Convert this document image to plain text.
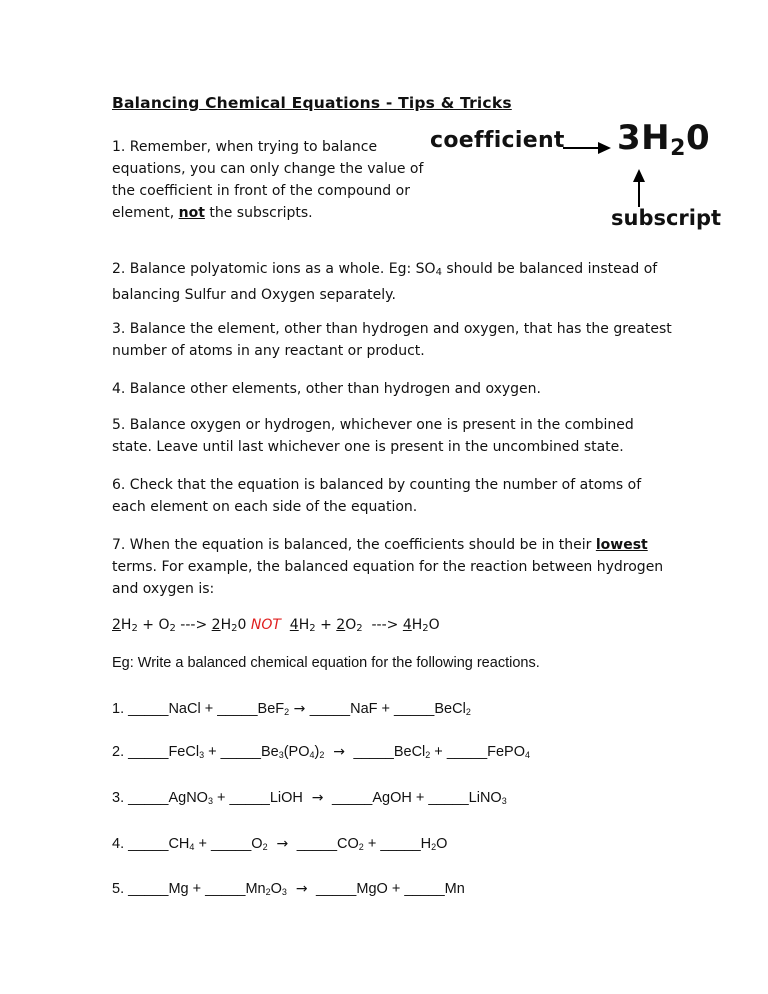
Balancing Chemical Equations - Tips & Tricks

1. Remember, when trying to balance equations, you can only change the value of the coefficient in front of the compound or element, not the subscripts.

coefficient 3H20
subscript

2. Balance polyatomic ions as a whole. Eg: $SO_4$ should be balanced instead of balancing Sulfur and Oxygen separately.

3. Balance the element, other than hydrogen and oxygen, that has the greatest number of atoms in any reactant or product.

4. Balance other elements, other than hydrogen and oxygen.

5. Balance oxygen or hydrogen, whichever one is present in the combined state. Leave until last whichever one is present in the uncombined state.

6. Check that the equation is balanced by counting the number of atoms of each element on each side of the equation.

7. When the equation is balanced, the coefficients should be in their lowest terms. For example, the balanced equation for the reaction between hydrogen and oxygen is:

$2H_2 + O_2$ ---> $2H_20$ NOT $4H_2 + 2O_2$  ---> $4H_2O$

Eg: Write a balanced chemical equation for the following reactions.
1. _____NaCl + _____BeF$_2$ → _____NaF + _____BeCl$_2$
2. _____FeCl$_3$ + $\_\_\_\_\_Be_3(PO_4)_2$  →  _____BeCl$_2$ + _____FePO$_4$
3. _____AgNO$_3$ + _____LiOH  →  _____AgOH + _____LiNO$_3$
4. $\_\_\_\_\_CH_4$ + $\_\_\_\_\_O_2$  →  $\_\_\_\_\_CO_2$ + $\_\_\_\_\_H_2O$
5. _____Mg + $\_\_\_\_\_Mn_2O_3$  →  _____MgO + _____Mn
